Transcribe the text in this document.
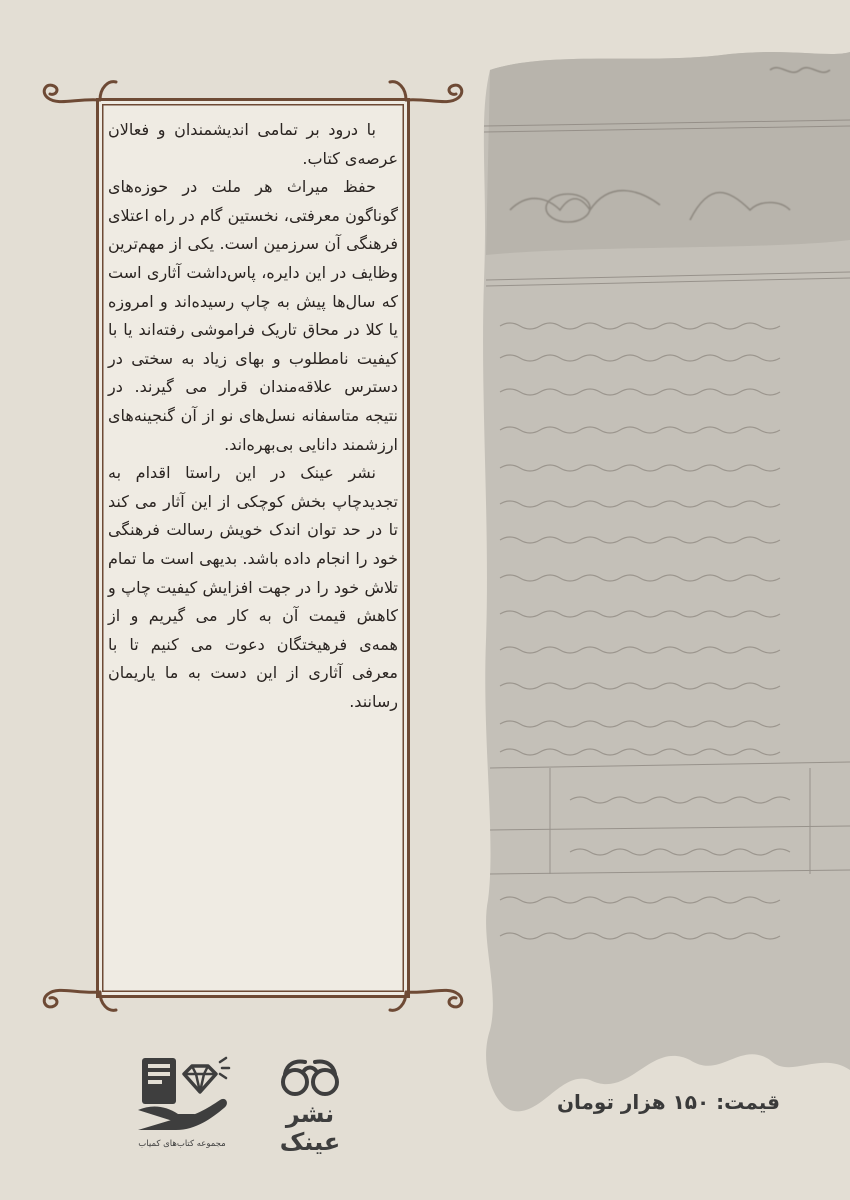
با درود بر تمامی اندیشمندان و فعالان عرصه‌ی کتاب.

حفظ میراث هر ملت در حوزه‌های گوناگون معرفتی، نخستین گام در راه اعتلای فرهنگی آن سرزمین است. یکی از مهم‌ترین وظایف در این دایره، پاس‌داشت آثاری است که سال‌ها پیش به چاپ رسیده‌اند و امروزه یا کلا در محاق تاریک فراموشی رفته‌اند یا با کیفیت نامطلوب و بهای زیاد به سختی در دسترس علاقه‌مندان قرار می گیرند. در نتیجه متاسفانه نسل‌های نو از آن گنجینه‌های ارزشمند دانایی بی‌بهره‌اند.

نشر عینک در این راستا اقدام به تجدیدچاپ بخش کوچکی از این آثار می کند تا در حد توان اندک خویش رسالت فرهنگی خود را انجام داده باشد. بدیهی است ما تمام تلاش خود را در جهت افزایش کیفیت چاپ و کاهش قیمت آن به کار می گیریم و از همه‌ی فرهیختگان دعوت می کنیم تا با معرفی آثاری از این دست به ما یاریمان رسانند.

قیمت: ۱۵۰ هزار تومان
نشر عینک
مجموعه کتاب‌های کمیاب
